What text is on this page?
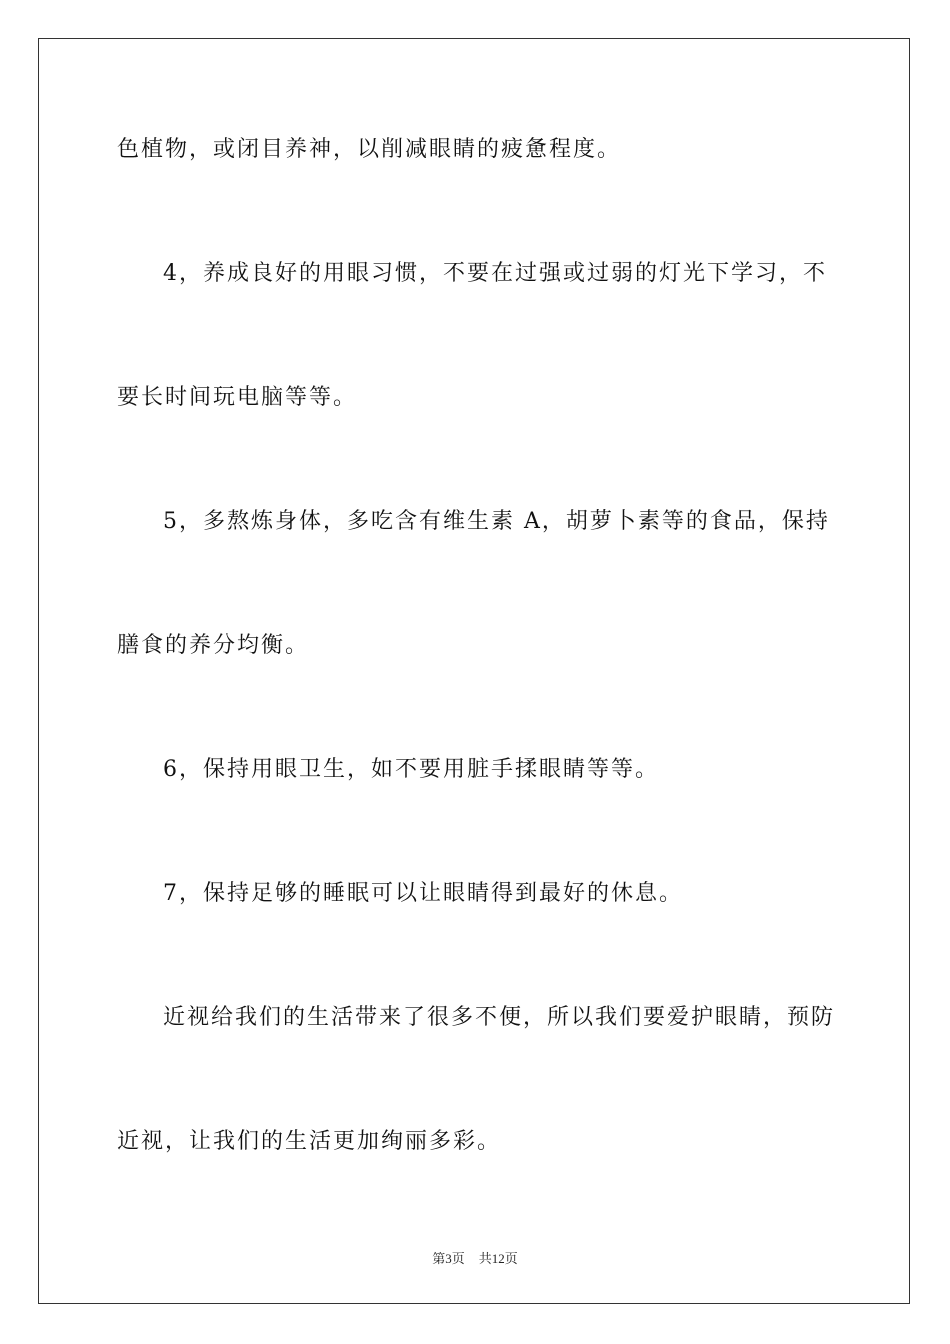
色植物，或闭目养神，以削减眼睛的疲惫程度。

4，养成良好的用眼习惯，不要在过强或过弱的灯光下学习，不

要长时间玩电脑等等。

5，多熬炼身体，多吃含有维生素 A，胡萝卜素等的食品，保持

膳食的养分均衡。

6，保持用眼卫生，如不要用脏手揉眼睛等等。

7，保持足够的睡眠可以让眼睛得到最好的休息。

近视给我们的生活带来了很多不便，所以我们要爱护眼睛，预防

近视，让我们的生活更加绚丽多彩。

第3页 共12页
